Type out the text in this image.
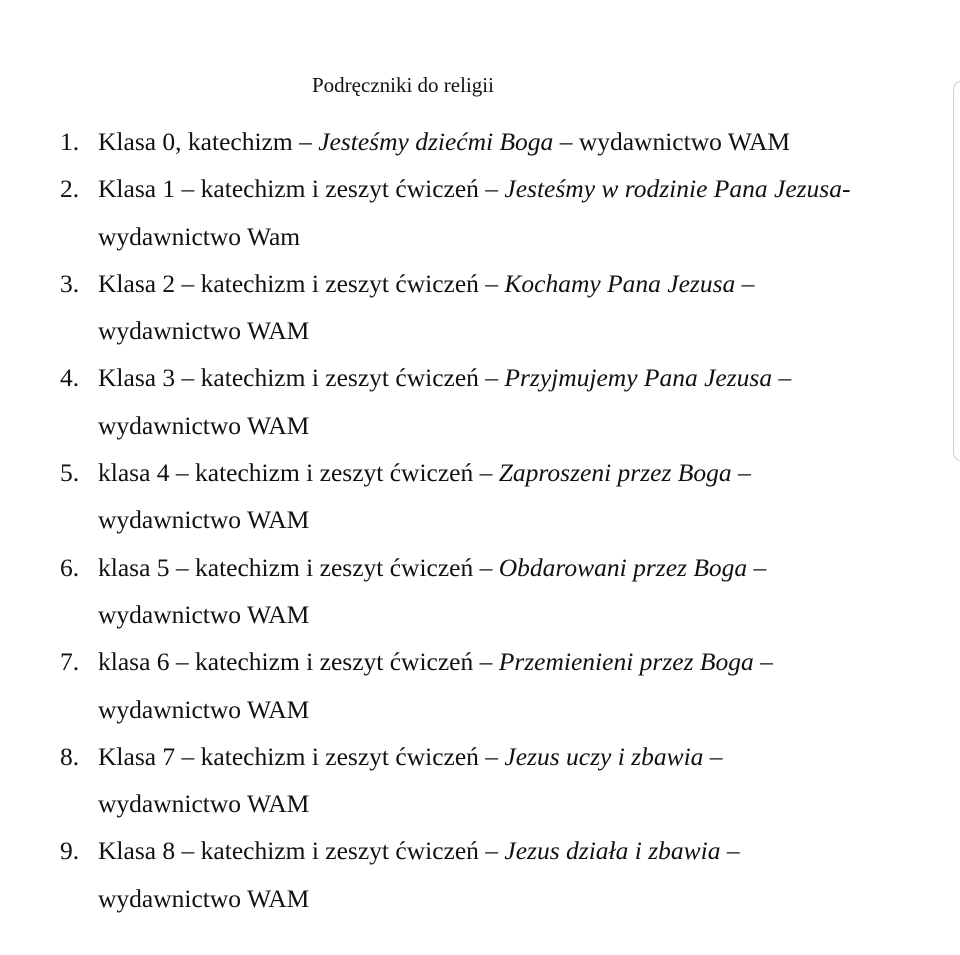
Podręczniki do religii
1. Klasa 0, katechizm – Jesteśmy dziećmi Boga – wydawnictwo WAM
2. Klasa 1 – katechizm i zeszyt ćwiczeń – Jesteśmy w rodzinie Pana Jezusa-
wydawnictwo Wam
3. Klasa 2 – katechizm i zeszyt ćwiczeń – Kochamy Pana Jezusa –
wydawnictwo WAM
4. Klasa 3 – katechizm i zeszyt ćwiczeń – Przyjmujemy Pana Jezusa –
wydawnictwo WAM
5. klasa 4 – katechizm i zeszyt ćwiczeń – Zaproszeni przez Boga –
wydawnictwo WAM
6. klasa 5 – katechizm i zeszyt ćwiczeń – Obdarowani przez Boga –
wydawnictwo WAM
7. klasa 6 – katechizm i zeszyt ćwiczeń – Przemienieni przez Boga –
wydawnictwo WAM
8. Klasa 7 – katechizm i zeszyt ćwiczeń – Jezus uczy i zbawia –
wydawnictwo WAM
9. Klasa 8 – katechizm i zeszyt ćwiczeń – Jezus działa i zbawia –
wydawnictwo WAM
